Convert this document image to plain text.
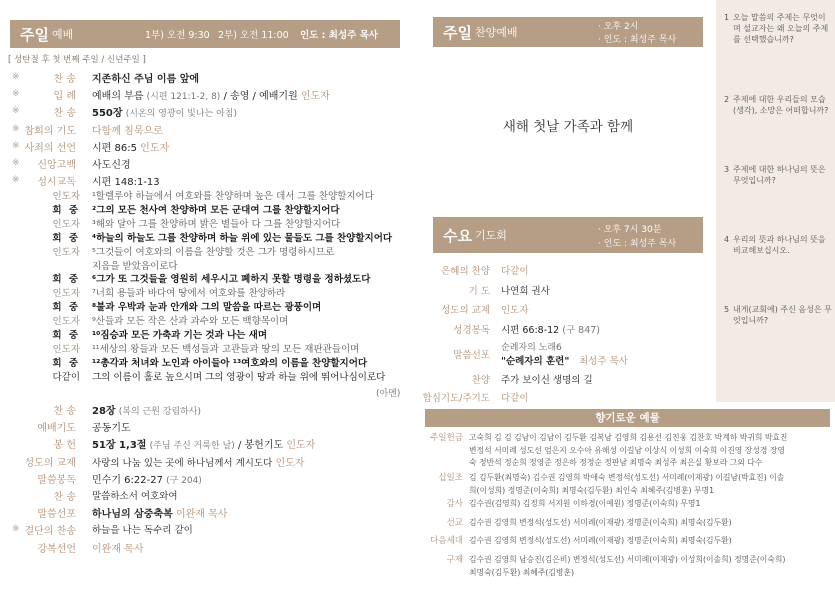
주일 예배	1부) 오전 9:30 2부) 오전 11:00 인도 : 최성주 목사
[ 성탄절 후 첫 번째 주일 / 신년주일 ]
※	찬 송 지존하신 주님 이름 앞에
※	입 례 예배의 부름 (시편 121:1-2, 8) / 송영 / 예배기원 인도자
※	찬 송 550장 (시온의 영광이 빛나는 아침)
※ 참회의 기도 다함께 침묵으로
※ 사죄의 선언 시편 86:5 인도자
※ 신앙고백 사도신경
※ 성시교독 시편 148:1-13
인도자 ¹할렐루야 하늘에서 여호와를 찬양하며 높은 데서 그를 찬양할지어다
회 중 ²그의 모든 천사여 찬양하며 모든 군대여 그를 찬양할지어다
인도자 ³해와 달아 그를 찬양하며 밝은 별들아 다 그를 찬양할지어다
회 중 ⁴하늘의 하늘도 그를 찬양하며 하늘 위에 있는 물들도 그를 찬양할지어다
인도자 ⁵그것들이 여호와의 이름을 찬양할 것은 그가 명령하시므로
지음을 받았음이로다
회 중 ⁶그가 또 그것들을 영원히 세우시고 폐하지 못할 명령을 정하셨도다
인도자 ⁷너희 용들과 바다여 땅에서 여호와를 찬양하라
회 중 ⁸불과 우박과 눈과 안개와 그의 말씀을 따르는 광풍이며
인도자 ⁹산들과 모든 작은 산과 과수와 모든 백향목이며
회 중 ¹⁰짐승과 모든 가축과 기는 것과 나는 새며
인도자 ¹¹세상의 왕들과 모든 백성들과 고관들과 땅의 모든 재판관들이며
회 중 ¹²총각과 처녀와 노인과 아이들아 ¹³여호와의 이름을 찬양할지어다
다같이 그의 이름이 홀로 높으시며 그의 영광이 땅과 하늘 위에 뛰어나심이로다
(아멘)
찬 송 28장 (복의 근원 강림하사)
예배기도 공동기도
봉 헌 51장 1,3절 (주님 주신 거룩한 날) / 봉헌기도 인도자
성도의 교제 사랑의 나눔 있는 곳에 하나님께서 계시도다 인도자
말씀봉독 민수기 6:22-27 (구 204)
찬 송 말씀하소서 여호와여
말씀선포 하나님의 삼중축복 이완재 목사
※ 결단의 찬송 하늘을 나는 독수리 같이
강복선언 이완재 목사
주일 찬양예배	· 오후 2시
· 인도 : 최성주 목사
새해 첫날 가족과 함께
수요 기도회	· 오후 7시 30분
· 인도 : 최성주 목사
은혜의 찬양 다같이
기 도 나연희 권사
성도의 교제 인도자
성경봉독 시편 66:8-12 (구 847)
말씀선포
순례자의 노래6
"순례자의 훈련" 최성주 목사
찬양 주가 보이신 생명의 길
합심기도/주기도 다같이
1 오늘 말씀의 주제는 무엇이며 설교자는 왜 오늘의 주제를 선택했습니까?
2 주제에 대한 우리들의 모습(생각), 소망은 어떠합니까?
3 주제에 대한 하나님의 뜻은 무엇입니까?
4 우리의 뜻과 하나님의 뜻을 비교해보십시오.
5 내게(교회에) 주신 음성은 무엇입니까?
향기로운 예물
주일헌금 고숙희 김 김 김남이 김남이 김두환 김복남 김영희 김용선 김진웅 김찬호 박계하 박귀희 박효진 변정석 서미례 성도선 엄은지 오수아 유해성 이길남 이상식 이성희 이숙희 이진영 장성경 장영숙 정반석 정순희 정영준 정은하 정정순 정판남 최명숙 최성주 최은실 황보라 그외 다수
십일조 김 김두환(최명숙) 김수권 김영희 박애숙 변정석(성도선) 서미례(이재광) 이길남(박효진) 이솔희(이성희) 정명준(이숙희) 최명숙(김두환) 최인숙 최혜주(김병훈) 무명1
감사 김수권(김영희) 김정희 서지원 이하경(이예원) 정명준(이숙희) 무명1
선교 김수권 김영희 변정석(성도선) 서미례(이재광) 정명준(이숙희) 최명숙(김두환)
다음세대 김수권 김영희 변정석(성도선) 서미례(이재광) 정명준(이숙희) 최명숙(김두환)
구제 김수권 김영희 남승진(김은비) 변정석(성도선) 서미례(이재광) 이성희(이솔희) 정명준(이숙희) 최명숙(김두환) 최혜주(김병훈)
